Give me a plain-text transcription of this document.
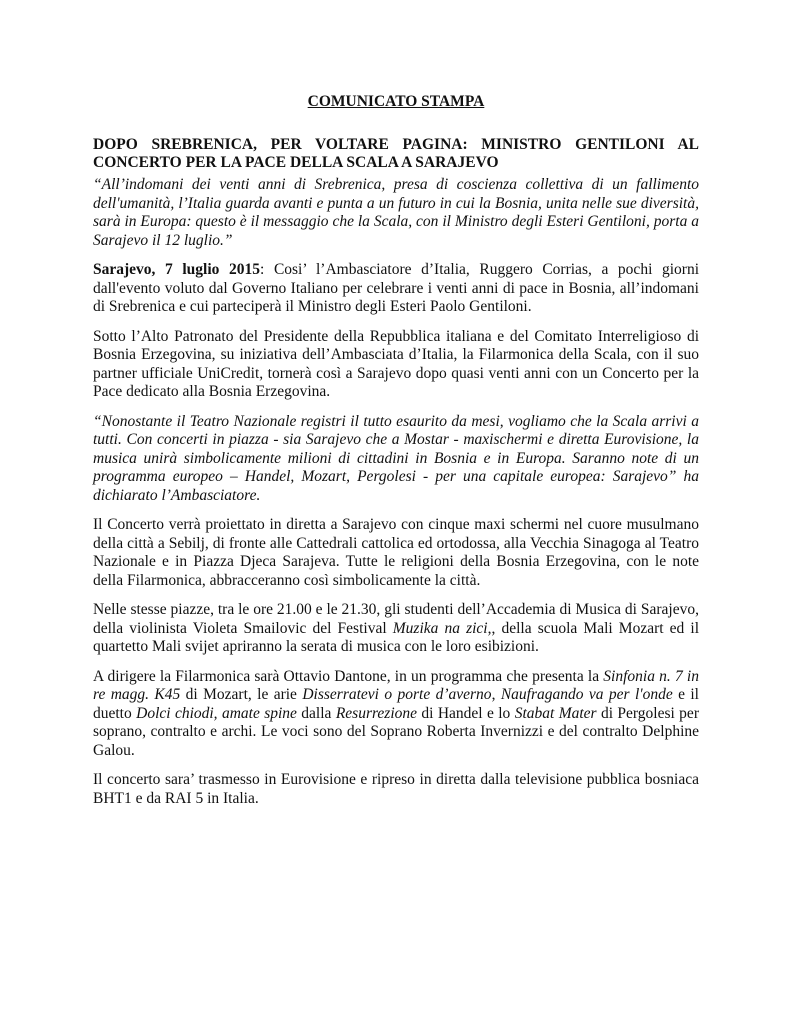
COMUNICATO STAMPA
DOPO SREBRENICA, PER VOLTARE PAGINA: MINISTRO GENTILONI AL CONCERTO PER LA PACE DELLA SCALA A SARAJEVO

“All’indomani dei venti anni di Srebrenica, presa di coscienza collettiva di un fallimento dell'umanità, l’Italia guarda avanti e punta a un futuro in cui la Bosnia, unita nelle sue diversità, sarà in Europa: questo è il messaggio che la Scala, con il Ministro degli Esteri Gentiloni, porta a Sarajevo il 12 luglio.”

Sarajevo, 7 luglio 2015: Cosi’ l’Ambasciatore d’Italia, Ruggero Corrias, a pochi giorni dall'evento voluto dal Governo Italiano per celebrare i venti anni di pace in Bosnia, all’indomani di Srebrenica e cui parteciperà il Ministro degli Esteri Paolo Gentiloni.

Sotto l’Alto Patronato del Presidente della Repubblica italiana e del Comitato Interreligioso di Bosnia Erzegovina, su iniziativa dell’Ambasciata d’Italia, la Filarmonica della Scala, con il suo partner ufficiale UniCredit, tornerà così a Sarajevo dopo quasi venti anni con un Concerto per la Pace dedicato alla Bosnia Erzegovina.

“Nonostante il Teatro Nazionale registri il tutto esaurito da mesi, vogliamo che la Scala arrivi a tutti. Con concerti in piazza - sia Sarajevo che a Mostar - maxischermi e diretta Eurovisione, la musica unirà simbolicamente milioni di cittadini in Bosnia e in Europa. Saranno note di un programma europeo – Handel, Mozart, Pergolesi - per una capitale europea: Sarajevo” ha dichiarato l’Ambasciatore.

Il Concerto verrà proiettato in diretta a Sarajevo con cinque maxi schermi nel cuore musulmano della città a Sebilj, di fronte alle Cattedrali cattolica ed ortodossa, alla Vecchia Sinagoga al Teatro Nazionale e in Piazza Djeca Sarajeva. Tutte le religioni della Bosnia Erzegovina, con le note della Filarmonica, abbracceranno così simbolicamente la città.

Nelle stesse piazze, tra le ore 21.00 e le 21.30, gli studenti dell’Accademia di Musica di Sarajevo, della violinista Violeta Smailovic del Festival Muzika na zici,, della scuola Mali Mozart ed il quartetto Mali svijet apriranno la serata di musica con le loro esibizioni.

A dirigere la Filarmonica sarà Ottavio Dantone, in un programma che presenta la Sinfonia n. 7 in re magg. K45 di Mozart, le arie Disserratevi o porte d’averno, Naufragando va per l'onde e il duetto Dolci chiodi, amate spine dalla Resurrezione di Handel e lo Stabat Mater di Pergolesi per soprano, contralto e archi. Le voci sono del Soprano Roberta Invernizzi e del contralto Delphine Galou.

Il concerto sara’ trasmesso in Eurovisione e ripreso in diretta dalla televisione pubblica bosniaca BHT1 e da RAI 5 in Italia.
